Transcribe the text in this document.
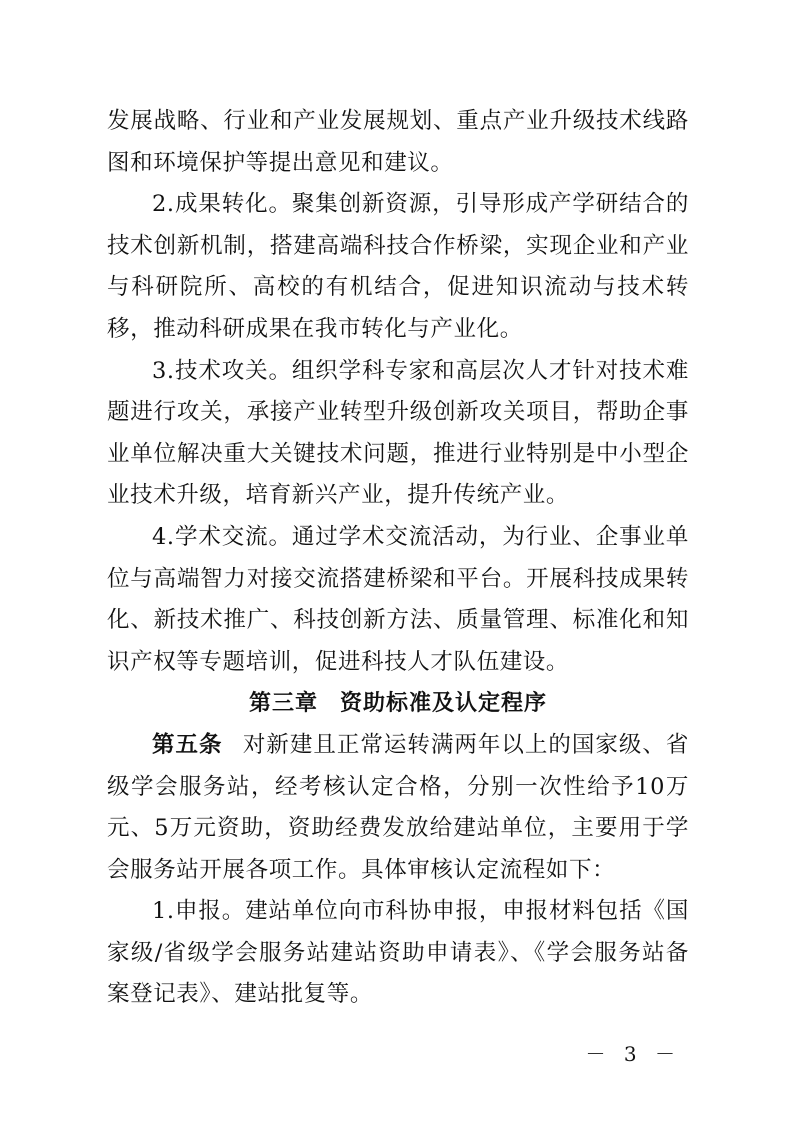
发展战略、行业和产业发展规划、重点产业升级技术线路图和环境保护等提出意见和建议。

2.成果转化。聚集创新资源，引导形成产学研结合的技术创新机制，搭建高端科技合作桥梁，实现企业和产业与科研院所、高校的有机结合，促进知识流动与技术转移，推动科研成果在我市转化与产业化。

3.技术攻关。组织学科专家和高层次人才针对技术难题进行攻关，承接产业转型升级创新攻关项目，帮助企事业单位解决重大关键技术问题，推进行业特别是中小型企业技术升级，培育新兴产业，提升传统产业。

4.学术交流。通过学术交流活动，为行业、企事业单位与高端智力对接交流搭建桥梁和平台。开展科技成果转化、新技术推广、科技创新方法、质量管理、标准化和知识产权等专题培训，促进科技人才队伍建设。

第三章 资助标准及认定程序

第五条 对新建且正常运转满两年以上的国家级、省级学会服务站，经考核认定合格，分别一次性给予10万元、5万元资助，资助经费发放给建站单位，主要用于学会服务站开展各项工作。具体审核认定流程如下：

1.申报。建站单位向市科协申报，申报材料包括《国家级/省级学会服务站建站资助申请表》、《学会服务站备案登记表》、建站批复等。

－ 3 －
